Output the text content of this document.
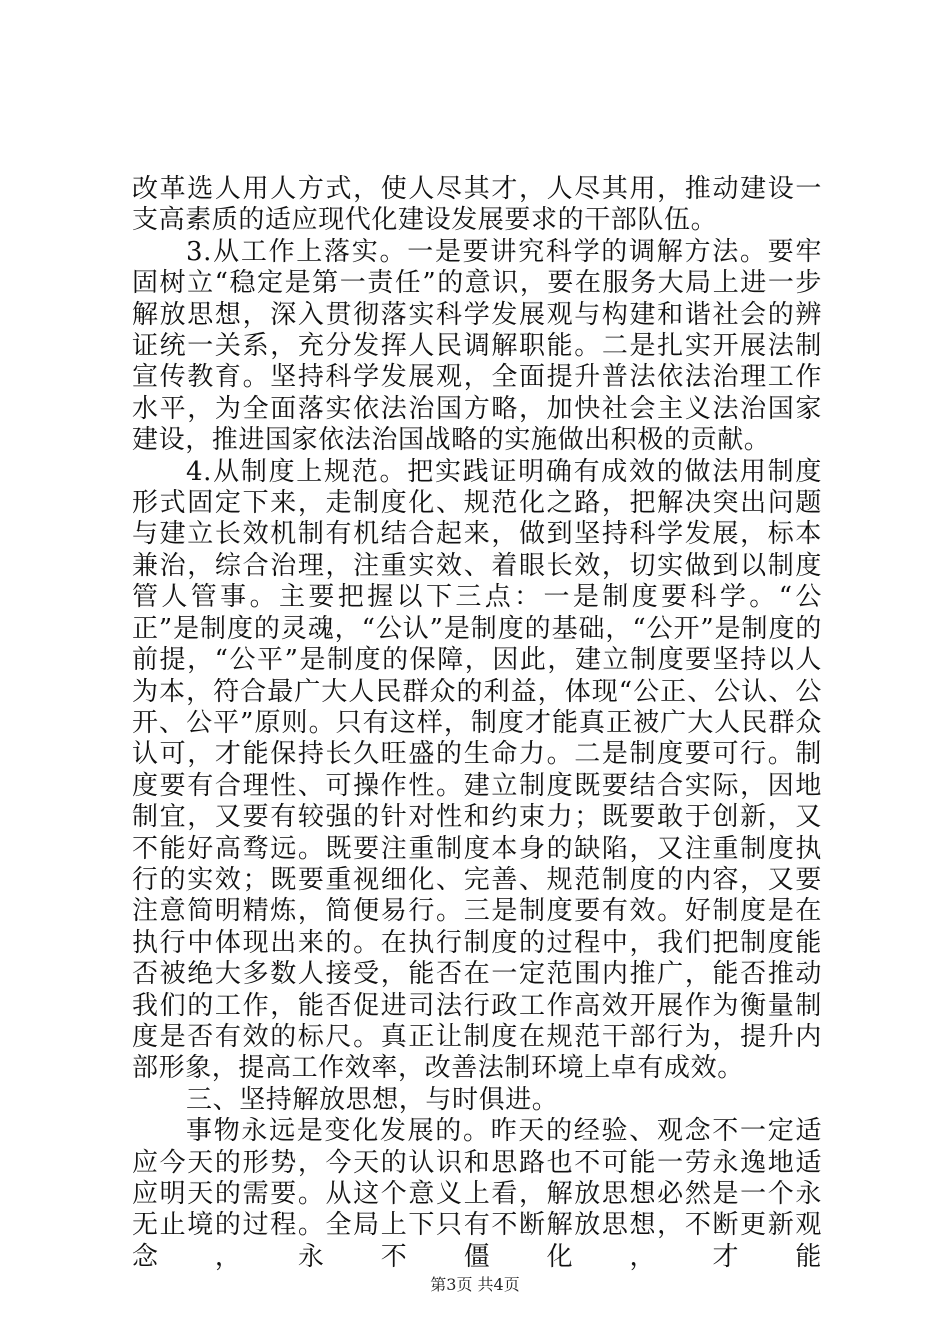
改革选人用人方式，使人尽其才，人尽其用，推动建设一支高素质的适应现代化建设发展要求的干部队伍。

3.从工作上落实。一是要讲究科学的调解方法。要牢固树立“稳定是第一责任”的意识，要在服务大局上进一步解放思想，深入贯彻落实科学发展观与构建和谐社会的辨证统一关系，充分发挥人民调解职能。二是扎实开展法制宣传教育。坚持科学发展观，全面提升普法依法治理工作水平，为全面落实依法治国方略，加快社会主义法治国家建设，推进国家依法治国战略的实施做出积极的贡献。

4.从制度上规范。把实践证明确有成效的做法用制度形式固定下来，走制度化、规范化之路，把解决突出问题与建立长效机制有机结合起来，做到坚持科学发展，标本兼治，综合治理，注重实效、着眼长效，切实做到以制度管人管事。主要把握以下三点：一是制度要科学。“公正”是制度的灵魂，“公认”是制度的基础，“公开”是制度的前提，“公平”是制度的保障，因此，建立制度要坚持以人为本，符合最广大人民群众的利益，体现“公正、公认、公开、公平”原则。只有这样，制度才能真正被广大人民群众认可，才能保持长久旺盛的生命力。二是制度要可行。制度要有合理性、可操作性。建立制度既要结合实际，因地制宜，又要有较强的针对性和约束力；既要敢于创新，又不能好高骛远。既要注重制度本身的缺陷，又注重制度执行的实效；既要重视细化、完善、规范制度的内容，又要注意简明精炼，简便易行。三是制度要有效。好制度是在执行中体现出来的。在执行制度的过程中，我们把制度能否被绝大多数人接受，能否在一定范围内推广，能否推动我们的工作，能否促进司法行政工作高效开展作为衡量制度是否有效的标尺。真正让制度在规范干部行为，提升内部形象，提高工作效率，改善法制环境上卓有成效。

三、坚持解放思想，与时俱进。

事物永远是变化发展的。昨天的经验、观念不一定适应今天的形势，今天的认识和思路也不可能一劳永逸地适应明天的需要。从这个意义上看，解放思想必然是一个永无止境的过程。全局上下只有不断解放思想，不断更新观念，永不僵化，才能

第3页 共4页
